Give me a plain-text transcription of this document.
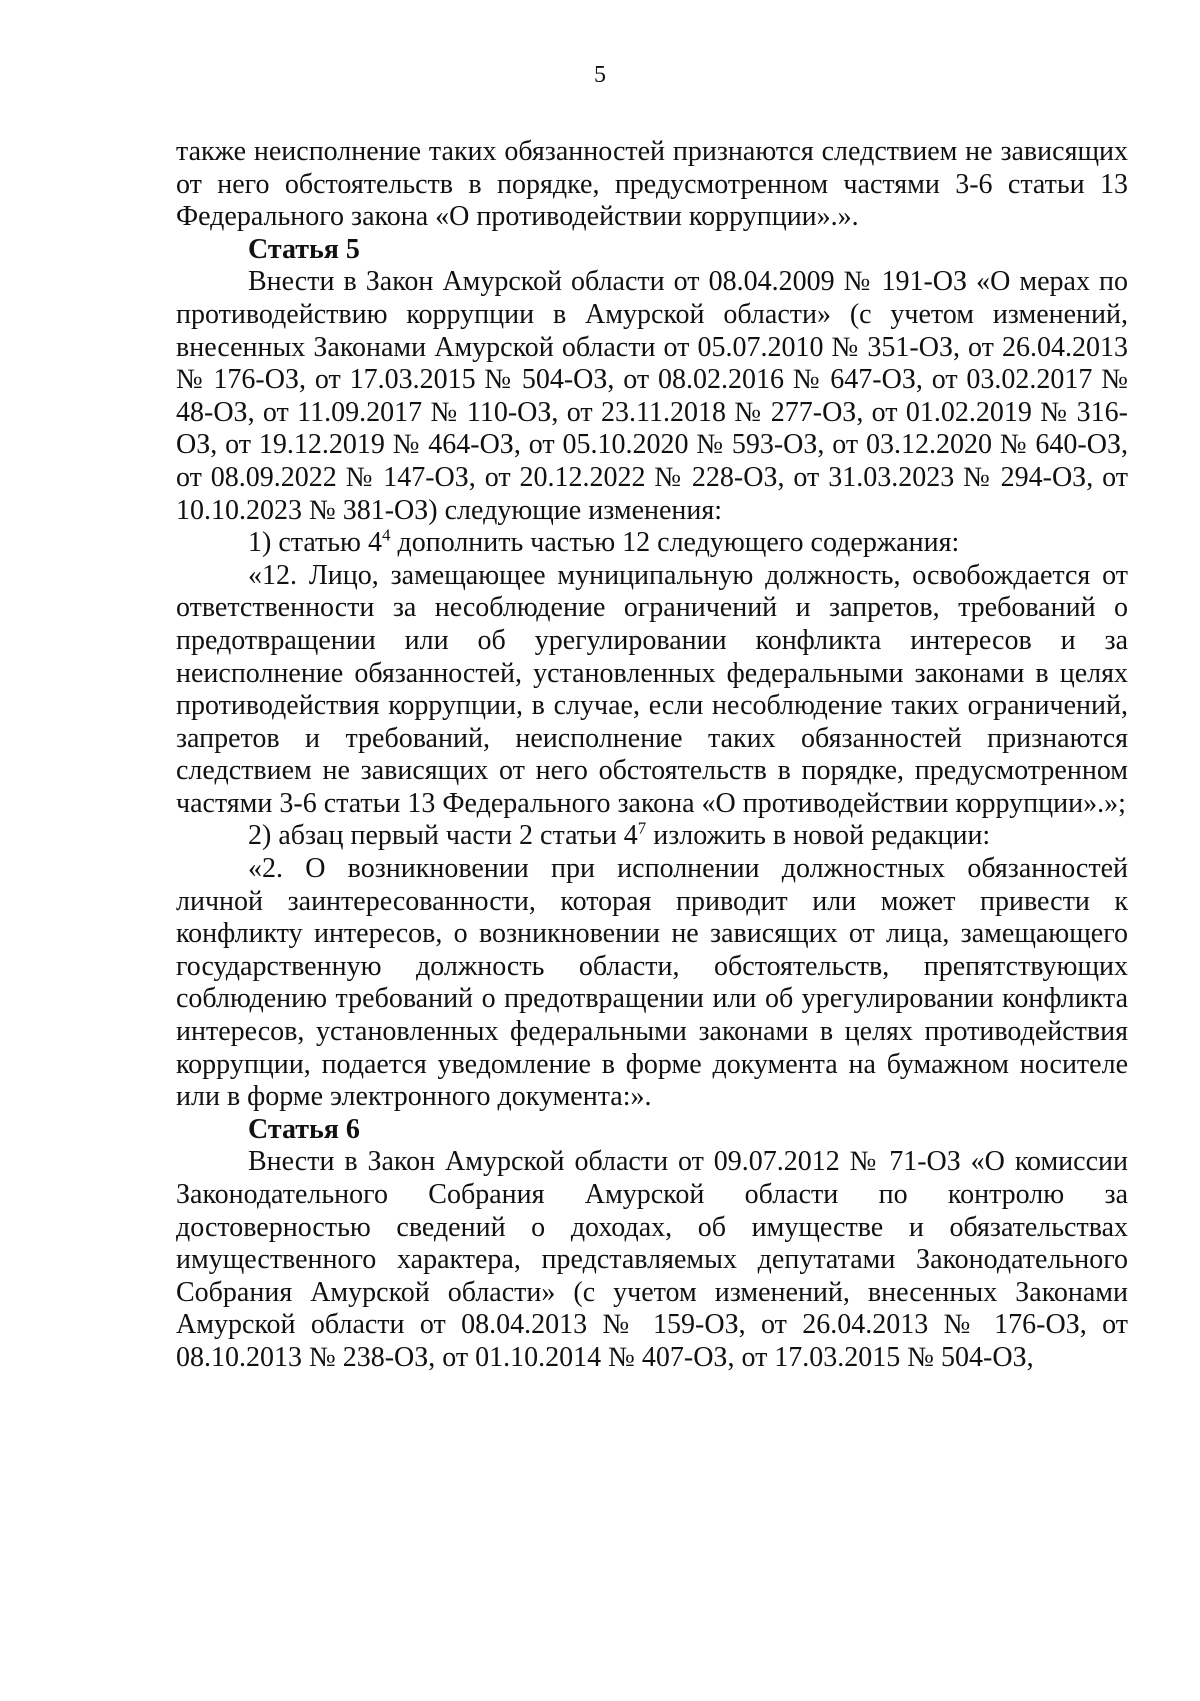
5

также неисполнение таких обязанностей признаются следствием не зависящих от него обстоятельств в порядке, предусмотренном частями 3-6 статьи 13 Федерального закона «О противодействии коррупции».».

Статья 5

Внести в Закон Амурской области от 08.04.2009 № 191-ОЗ «О мерах по противодействию коррупции в Амурской области» (с учетом изменений, внесенных Законами Амурской области от 05.07.2010 № 351-ОЗ, от 26.04.2013 № 176-ОЗ, от 17.03.2015 № 504-ОЗ, от 08.02.2016 № 647-ОЗ, от 03.02.2017 № 48-ОЗ, от 11.09.2017 № 110-ОЗ, от 23.11.2018 № 277-ОЗ, от 01.02.2019 № 316-ОЗ, от 19.12.2019 № 464-ОЗ, от 05.10.2020 № 593-ОЗ, от 03.12.2020 № 640-ОЗ, от 08.09.2022 № 147-ОЗ, от 20.12.2022 № 228-ОЗ, от 31.03.2023 № 294-ОЗ, от 10.10.2023 № 381-ОЗ) следующие изменения:

1) статью $4^4$ дополнить частью 12 следующего содержания:

«12. Лицо, замещающее муниципальную должность, освобождается от ответственности за несоблюдение ограничений и запретов, требований о предотвращении или об урегулировании конфликта интересов и за неисполнение обязанностей, установленных федеральными законами в целях противодействия коррупции, в случае, если несоблюдение таких ограничений, запретов и требований, неисполнение таких обязанностей признаются следствием не зависящих от него обстоятельств в порядке, предусмотренном частями 3-6 статьи 13 Федерального закона «О противодействии коррупции».»;

2) абзац первый части 2 статьи $4^7$ изложить в новой редакции:

«2. О возникновении при исполнении должностных обязанностей личной заинтересованности, которая приводит или может привести к конфликту интересов, о возникновении не зависящих от лица, замещающего государственную должность области, обстоятельств, препятствующих соблюдению требований о предотвращении или об урегулировании конфликта интересов, установленных федеральными законами в целях противодействия коррупции, подается уведомление в форме документа на бумажном носителе или в форме электронного документа:».

Статья 6

Внести в Закон Амурской области от 09.07.2012 № 71-ОЗ «О комиссии Законодательного Собрания Амурской области по контролю за достоверностью сведений о доходах, об имуществе и обязательствах имущественного характера, представляемых депутатами Законодательного Собрания Амурской области» (с учетом изменений, внесенных Законами Амурской области от 08.04.2013 № 159-ОЗ, от 26.04.2013 № 176-ОЗ, от 08.10.2013 № 238-ОЗ, от 01.10.2014 № 407-ОЗ, от 17.03.2015 № 504-ОЗ,
